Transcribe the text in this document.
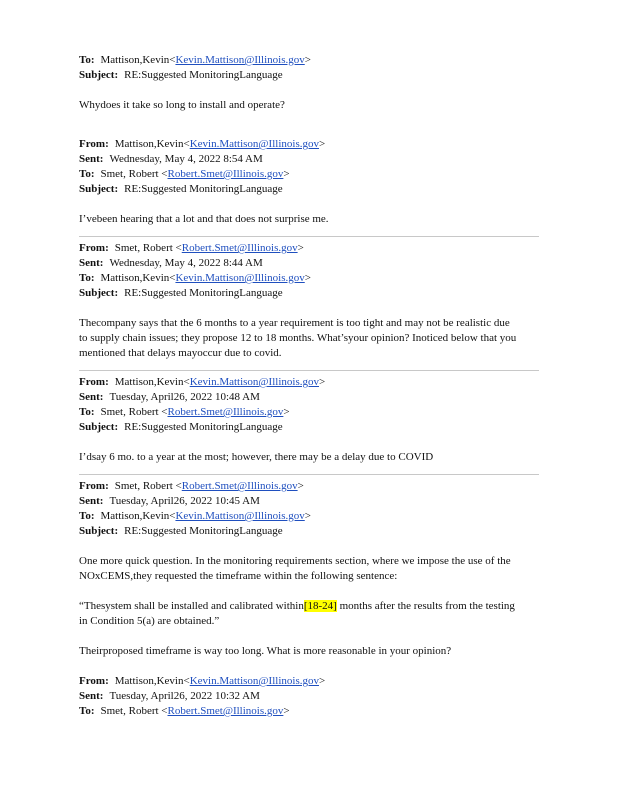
To: Mattison,Kevin<Kevin.Mattison@Illinois.gov>

Subject: RE:Suggested MonitoringLanguage

Whydoes it take so long to install and operate?

From: Mattison,Kevin<Kevin.Mattison@Illinois.gov>

Sent: Wednesday, May 4, 2022 8:54 AM

To: Smet, Robert <Robert.Smet@Illinois.gov>

Subject: RE:Suggested MonitoringLanguage

I’vebeen hearing that a lot and that does not surprise me.

From: Smet, Robert <Robert.Smet@Illinois.gov>

Sent: Wednesday, May 4, 2022 8:44 AM

To: Mattison,Kevin<Kevin.Mattison@Illinois.gov>

Subject: RE:Suggested MonitoringLanguage

Thecompany says that the 6 months to a year requirement is too tight and may not be realistic due

to supply chain issues; they propose 12 to 18 months. What’syour opinion? Inoticed below that you

mentioned that delays mayoccur due to covid.

From: Mattison,Kevin<Kevin.Mattison@Illinois.gov>

Sent: Tuesday, April26, 2022 10:48 AM

To: Smet, Robert <Robert.Smet@Illinois.gov>

Subject: RE:Suggested MonitoringLanguage

I’dsay 6 mo. to a year at the most; however, there may be a delay due to COVID

From: Smet, Robert <Robert.Smet@Illinois.gov>

Sent: Tuesday, April26, 2022 10:45 AM

To: Mattison,Kevin<Kevin.Mattison@Illinois.gov>

Subject: RE:Suggested MonitoringLanguage

One more quick question. In the monitoring requirements section, where we impose the use of the

NOxCEMS,they requested the timeframe within the following sentence:

“Thesystem shall be installed and calibrated within[18-24] months after the results from the testing

in Condition 5(a) are obtained.”

Theirproposed timeframe is way too long. What is more reasonable in your opinion?

From: Mattison,Kevin<Kevin.Mattison@Illinois.gov>

Sent: Tuesday, April26, 2022 10:32 AM

To: Smet, Robert <Robert.Smet@Illinois.gov>
